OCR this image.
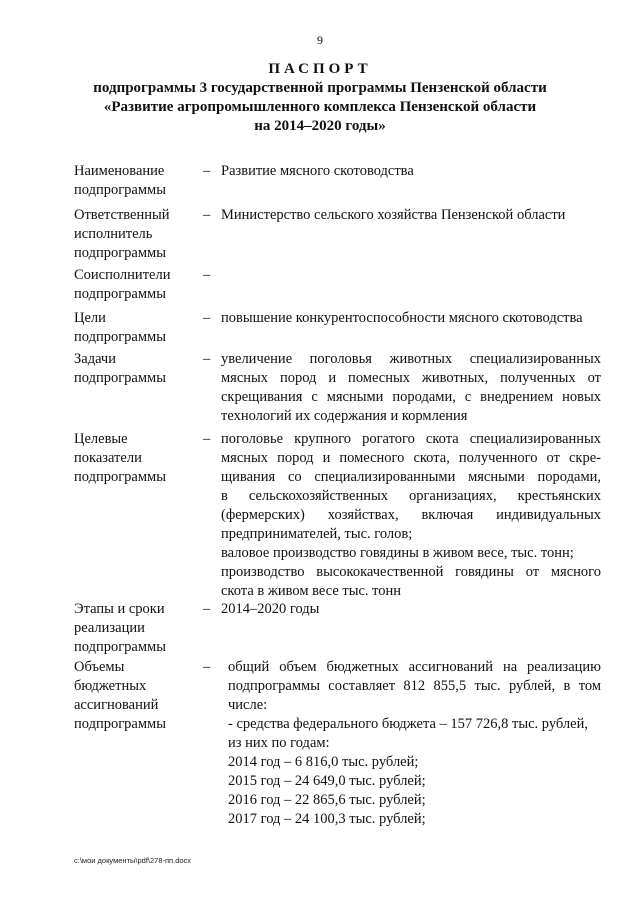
9
ПАСПОРТ
подпрограммы 3 государственной программы Пензенской области
«Развитие агропромышленного комплекса Пензенской области
на 2014–2020 годы»
Наименование
подпрограммы
– Развитие мясного скотоводства
Ответственный
исполнитель
подпрограммы
– Министерство сельского хозяйства Пензенской области
Соисполнители
подпрограммы
–
Цели
подпрограммы
– повышение конкурентоспособности мясного скотоводства
Задачи
подпрограммы
– увеличение поголовья животных специализированных
мясных пород и помесных животных, полученных от
скрещивания с мясными породами, с внедрением новых
технологий их содержания и кормления
Целевые
показатели
подпрограммы
– поголовье крупного рогатого скота специализированных
мясных пород и помесного скота, полученного от скре-
щивания со специализированными мясными породами,
в сельскохозяйственных организациях, крестьянских
(фермерских) хозяйствах, включая индивидуальных
предпринимателей, тыс. голов;
валовое производство говядины в живом весе, тыс. тонн;
производство высококачественной говядины от мясного
скота в живом весе тыс. тонн
Этапы и сроки
реализации
подпрограммы
– 2014–2020 годы
Объемы
бюджетных
ассигнований
подпрограммы
– общий объем бюджетных ассигнований на реализацию
подпрограммы составляет 812 855,5 тыс. рублей, в том
числе:
- средства федерального бюджета – 157 726,8 тыс. рублей,
из них по годам:
2014 год – 6 816,0 тыс. рублей;
2015 год – 24 649,0 тыс. рублей;
2016 год – 22 865,6 тыс. рублей;
2017 год – 24 100,3 тыс. рублей;
c:\мои документы\pdf\278-пп.docx
